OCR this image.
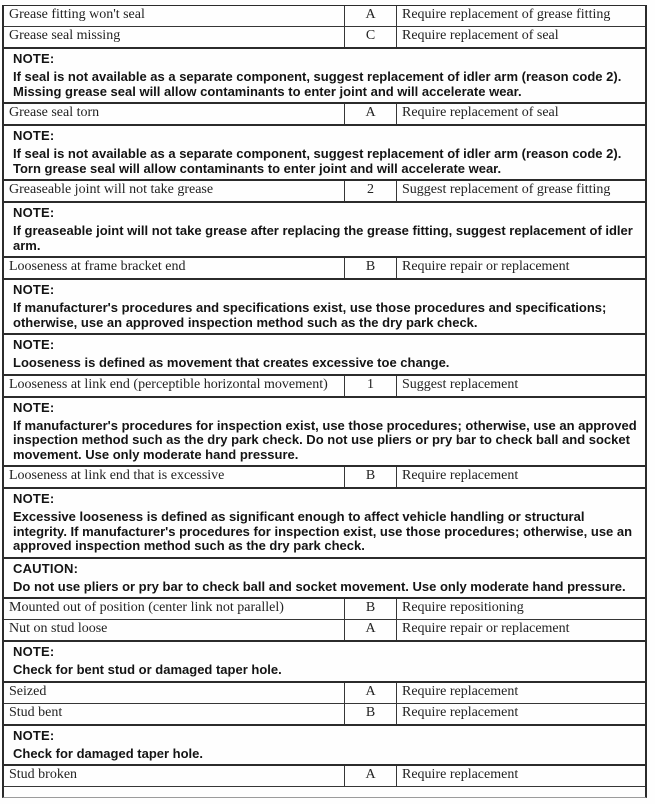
Grease fitting won't seal	A	Require replacement of grease fitting
Grease seal missing	C	Require replacement of seal
NOTE:
If seal is not available as a separate component, suggest replacement of idler arm (reason code 2). Missing grease seal will allow contaminants to enter joint and will accelerate wear.
Grease seal torn	A	Require replacement of seal
NOTE:
If seal is not available as a separate component, suggest replacement of idler arm (reason code 2). Torn grease seal will allow contaminants to enter joint and will accelerate wear.
Greaseable joint will not take grease	2	Suggest replacement of grease fitting
NOTE:
If greaseable joint will not take grease after replacing the grease fitting, suggest replacement of idler arm.
Looseness at frame bracket end	B	Require repair or replacement
NOTE:
If manufacturer's procedures and specifications exist, use those procedures and specifications; otherwise, use an approved inspection method such as the dry park check.
NOTE:
Looseness is defined as movement that creates excessive toe change.
Looseness at link end (perceptible horizontal movement)	1	Suggest replacement
NOTE:
If manufacturer's procedures for inspection exist, use those procedures; otherwise, use an approved inspection method such as the dry park check. Do not use pliers or pry bar to check ball and socket movement. Use only moderate hand pressure.
Looseness at link end that is excessive	B	Require replacement
NOTE:
Excessive looseness is defined as significant enough to affect vehicle handling or structural integrity. If manufacturer's procedures for inspection exist, use those procedures; otherwise, use an approved inspection method such as the dry park check.
CAUTION:
Do not use pliers or pry bar to check ball and socket movement. Use only moderate hand pressure.
Mounted out of position (center link not parallel)	B	Require repositioning
Nut on stud loose	A	Require repair or replacement
NOTE:
Check for bent stud or damaged taper hole.
Seized	A	Require replacement
Stud bent	B	Require replacement
NOTE:
Check for damaged taper hole.
Stud broken	A	Require replacement
